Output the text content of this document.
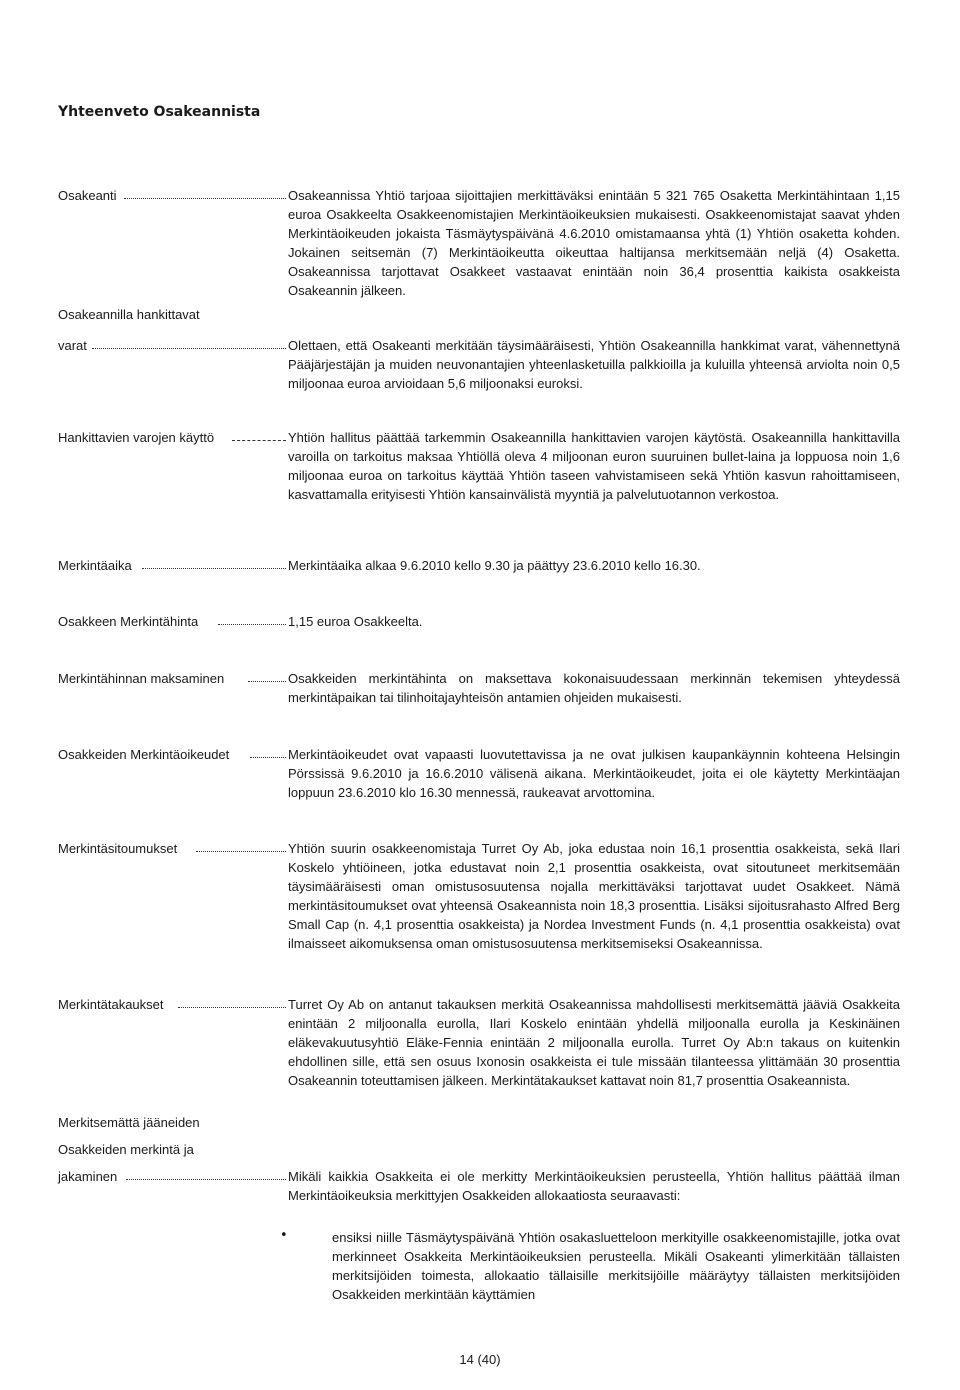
Yhteenveto Osakeannista
Osakeanti	Osakeannissa Yhtiö tarjoaa sijoittajien merkittäväksi enintään 5 321 765 Osaketta Merkintähintaan 1,15 euroa Osakkeelta Osakkeenomistajien Merkintäoikeuksien mukaisesti. Osakkeenomistajat saavat yhden Merkintäoikeuden jokaista Täsmäytyspäivänä 4.6.2010 omistamaansa yhtä (1) Yhtiön osaketta kohden. Jokainen seitsemän (7) Merkintäoikeutta oikeuttaa haltijansa merkitsemään neljä (4) Osaketta. Osakeannissa tarjottavat Osakkeet vastaavat enintään noin 36,4 prosenttia kaikista osakkeista Osakeannin jälkeen.
Osakeannilla hankittavat
varat	Olettaen, että Osakeanti merkitään täysimääräisesti, Yhtiön Osakeannilla hankkimat varat, vähennettynä Pääjärjestäjän ja muiden neuvonantajien yhteenlasketuilla palkkioilla ja kuluilla yhteensä arviolta noin 0,5 miljoonaa euroa arvioidaan 5,6 miljoonaksi euroksi.
Hankittavien varojen käyttö	Yhtiön hallitus päättää tarkemmin Osakeannilla hankittavien varojen käytöstä. Osakeannilla hankittavilla varoilla on tarkoitus maksaa Yhtiöllä oleva 4 miljoonan euron suuruinen bullet-laina ja loppuosa noin 1,6 miljoonaa euroa on tarkoitus käyttää Yhtiön taseen vahvistamiseen sekä Yhtiön kasvun rahoittamiseen, kasvattamalla erityisesti Yhtiön kansainvälistä myyntiä ja palvelutuotannon verkostoa.
Merkintäaika	Merkintäaika alkaa 9.6.2010 kello 9.30 ja päättyy 23.6.2010 kello 16.30.
Osakkeen Merkintähinta	1,15 euroa Osakkeelta.
Merkintähinnan maksaminen	Osakkeiden merkintähinta on maksettava kokonaisuudessaan merkinnän tekemisen yhteydessä merkintäpaikan tai tilinhoitajayhteisön antamien ohjeiden mukaisesti.
Osakkeiden Merkintäoikeudet	Merkintäoikeudet ovat vapaasti luovutettavissa ja ne ovat julkisen kaupankäynnin kohteena Helsingin Pörssissä 9.6.2010 ja 16.6.2010 välisenä aikana. Merkintäoikeudet, joita ei ole käytetty Merkintäajan loppuun 23.6.2010 klo 16.30 mennessä, raukeavat arvottomina.
Merkintäsitoumukset	Yhtiön suurin osakkeenomistaja Turret Oy Ab, joka edustaa noin 16,1 prosenttia osakkeista, sekä Ilari Koskelo yhtiöineen, jotka edustavat noin 2,1 prosenttia osakkeista, ovat sitoutuneet merkitsemään täysimääräisesti oman omistusosuutensa nojalla merkittäväksi tarjottavat uudet Osakkeet. Nämä merkintäsitoumukset ovat yhteensä Osakeannista noin 18,3 prosenttia. Lisäksi sijoitusrahasto Alfred Berg Small Cap (n. 4,1 prosenttia osakkeista) ja Nordea Investment Funds (n. 4,1 prosenttia osakkeista) ovat ilmaisseet aikomuksensa oman omistusosuutensa merkitsemiseksi Osakeannissa.
Merkintätakaukset	Turret Oy Ab on antanut takauksen merkitä Osakeannissa mahdollisesti merkitsemättä jääviä Osakkeita enintään 2 miljoonalla eurolla, Ilari Koskelo enintään yhdellä miljoonalla eurolla ja Keskinäinen eläkevakuutusyhtiö Eläke-Fennia enintään 2 miljoonalla eurolla. Turret Oy Ab:n takaus on kuitenkin ehdollinen sille, että sen osuus Ixonosin osakkeista ei tule missään tilanteessa ylittämään 30 prosenttia Osakeannin toteuttamisen jälkeen. Merkintätakaukset kattavat noin 81,7 prosenttia Osakeannista.
Merkitsemättä jääneiden
Osakkeiden merkintä ja
jakaminen	Mikäli kaikkia Osakkeita ei ole merkitty Merkintäoikeuksien perusteella, Yhtiön hallitus päättää ilman Merkintäoikeuksia merkittyjen Osakkeiden allokaatiosta seuraavasti:
•	ensiksi niille Täsmäytyspäivänä Yhtiön osakasluetteloon merkityille osakkeenomistajille, jotka ovat merkinneet Osakkeita Merkintäoikeuksien perusteella. Mikäli Osakeanti ylimerkitään tällaisten merkitsijöiden toimesta, allokaatio tällaisille merkitsijöille määräytyy tällaisten merkitsijöiden Osakkeiden merkintään käyttämien
14 (40)
